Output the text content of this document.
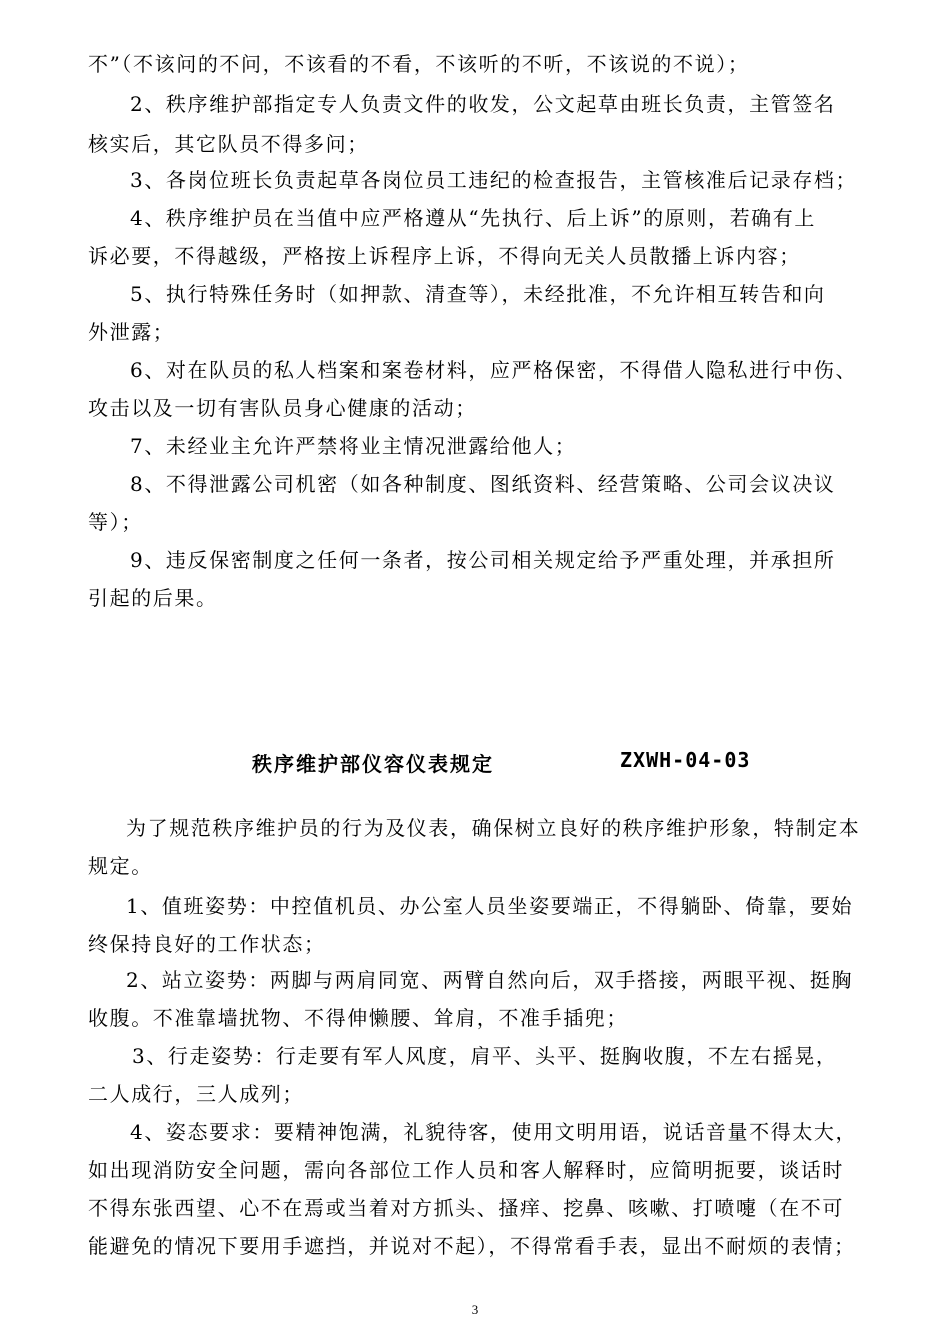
不”（不该问的不问，不该看的不看，不该听的不听，不该说的不说）；
2、秩序维护部指定专人负责文件的收发，公文起草由班长负责，主管签名
核实后，其它队员不得多问；
3、各岗位班长负责起草各岗位员工违纪的检查报告，主管核准后记录存档；
4、秩序维护员在当值中应严格遵从“先执行、后上诉”的原则，若确有上
诉必要，不得越级，严格按上诉程序上诉，不得向无关人员散播上诉内容；
5、执行特殊任务时（如押款、清查等），未经批准，不允许相互转告和向
外泄露；
6、对在队员的私人档案和案卷材料，应严格保密，不得借人隐私进行中伤、
攻击以及一切有害队员身心健康的活动；
7、未经业主允许严禁将业主情况泄露给他人；
8、不得泄露公司机密（如各种制度、图纸资料、经营策略、公司会议决议
等）；
9、违反保密制度之任何一条者，按公司相关规定给予严重处理，并承担所
引起的后果。
秩序维护部仪容仪表规定	ZXWH-04-03
为了规范秩序维护员的行为及仪表，确保树立良好的秩序维护形象，特制定本
规定。
1、值班姿势：中控值机员、办公室人员坐姿要端正，不得躺卧、倚靠，要始
终保持良好的工作状态；
2、站立姿势：两脚与两肩同宽、两臂自然向后，双手搭接，两眼平视、挺胸
收腹。不准靠墙扰物、不得伸懒腰、耸肩，不准手插兜；
3、行走姿势：行走要有军人风度，肩平、头平、挺胸收腹，不左右摇晃，
二人成行，三人成列；
4、姿态要求：要精神饱满，礼貌待客，使用文明用语，说话音量不得太大，
如出现消防安全问题，需向各部位工作人员和客人解释时，应简明扼要，谈话时
不得东张西望、心不在焉或当着对方抓头、搔痒、挖鼻、咳嗽、打喷嚏（在不可
能避免的情况下要用手遮挡，并说对不起），不得常看手表，显出不耐烦的表情；
3
